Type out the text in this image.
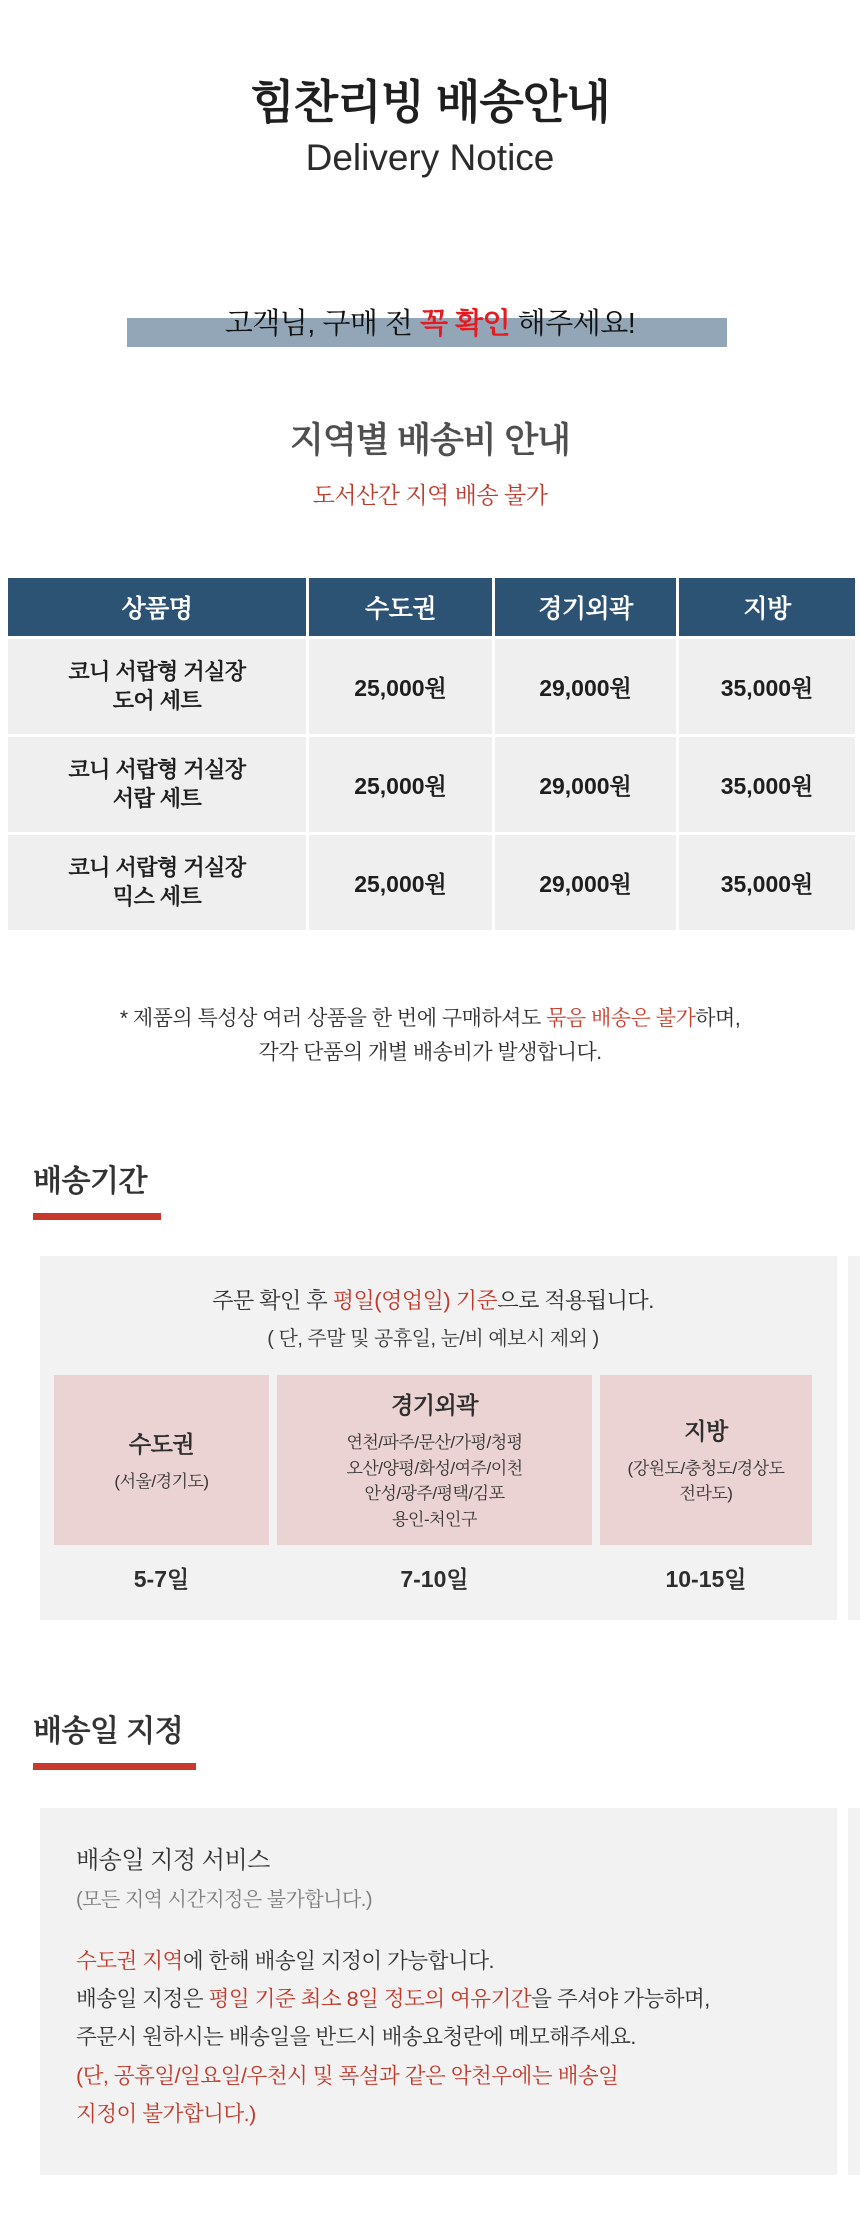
힘찬리빙 배송안내
Delivery Notice
고객님, 구매 전 꼭 확인 해주세요!
지역별 배송비 안내
도서산간 지역 배송 불가
상품명	수도권	경기외곽	지방
코니 서랍형 거실장
도어 세트	25,000원	29,000원	35,000원
코니 서랍형 거실장
서랍 세트	25,000원	29,000원	35,000원
코니 서랍형 거실장
믹스 세트	25,000원	29,000원	35,000원
* 제품의 특성상 여러 상품을 한 번에 구매하셔도 묶음 배송은 불가하며,
각각 단품의 개별 배송비가 발생합니다.
배송기간
주문 확인 후 평일(영업일) 기준으로 적용됩니다.
( 단, 주말 및 공휴일, 눈/비 예보시 제외 )
수도권
(서울/경기도)
5-7일
경기외곽
연천/파주/문산/가평/청평
오산/양평/화성/여주/이천
안성/광주/평택/김포
용인-처인구
7-10일
지방
(강원도/충청도/경상도
전라도)
10-15일
배송일 지정
배송일 지정 서비스
(모든 지역 시간지정은 불가합니다.)
수도권 지역에 한해 배송일 지정이 가능합니다.
배송일 지정은 평일 기준 최소 8일 정도의 여유기간을 주셔야 가능하며,
주문시 원하시는 배송일을 반드시 배송요청란에 메모해주세요.
(단, 공휴일/일요일/우천시 및 폭설과 같은 악천우에는 배송일
지정이 불가합니다.)
